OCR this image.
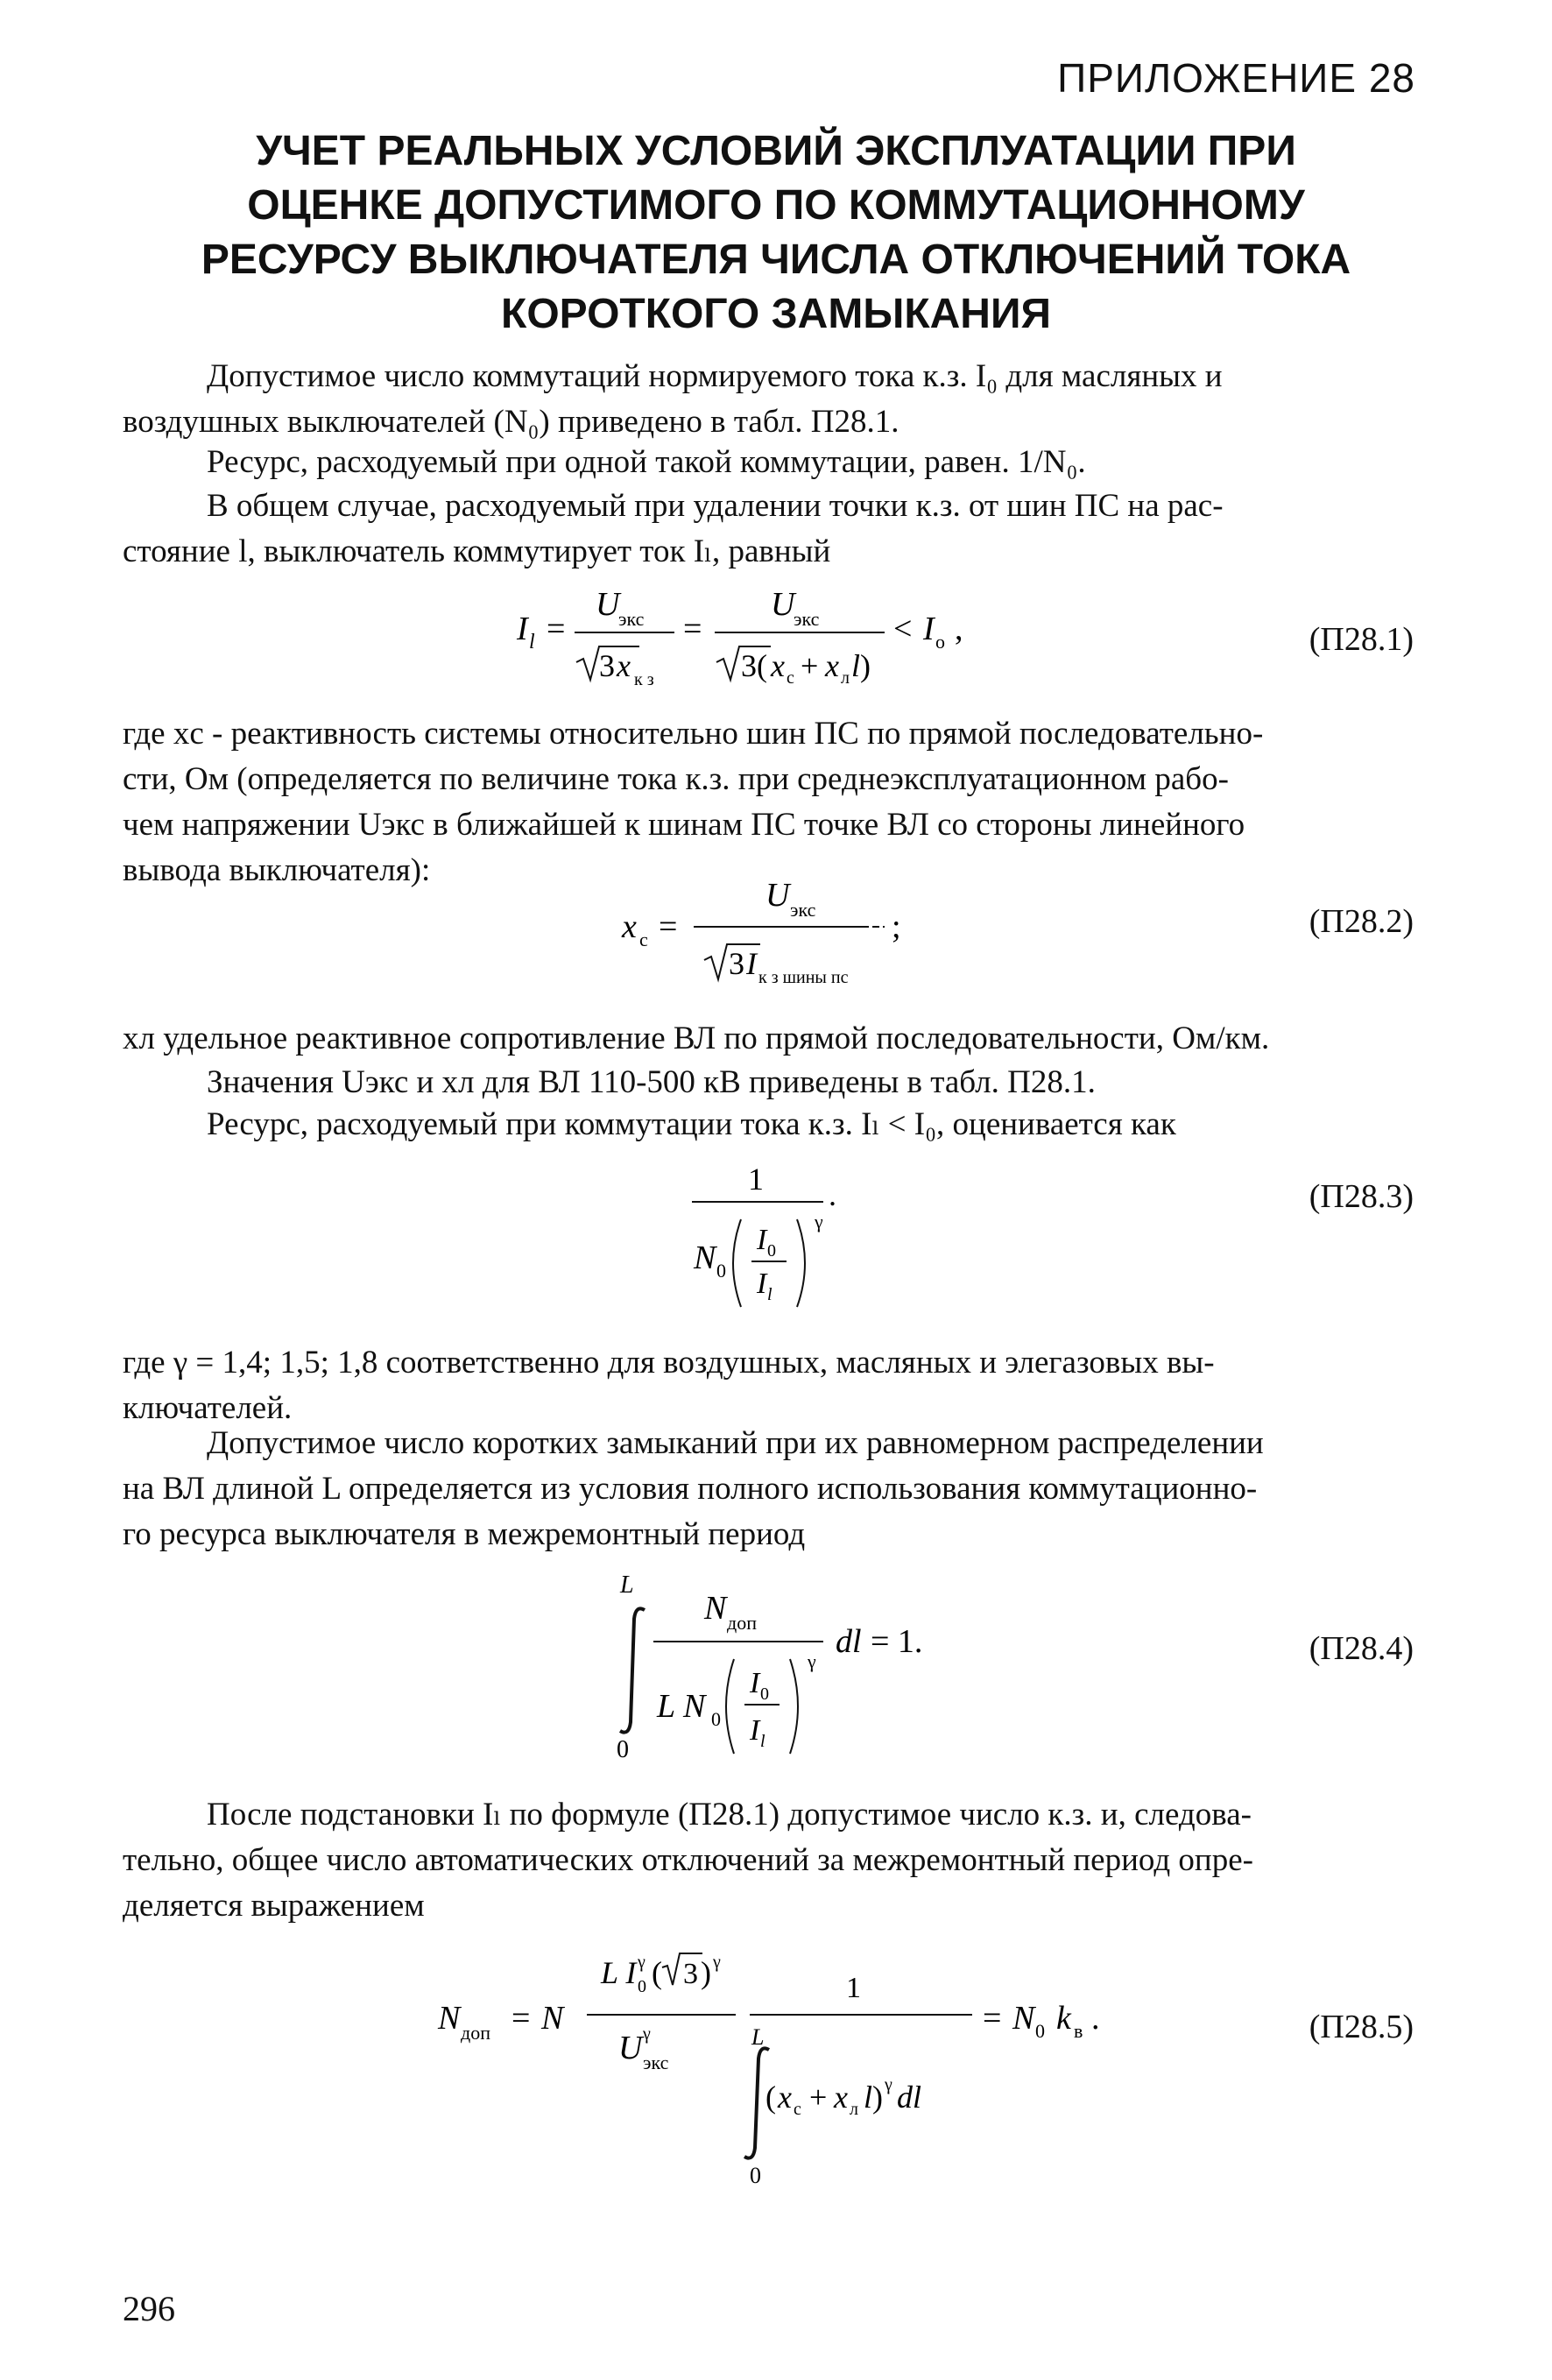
ПРИЛОЖЕНИЕ 28
УЧЕТ РЕАЛЬНЫХ УСЛОВИЙ ЭКСПЛУАТАЦИИ ПРИ
ОЦЕНКЕ ДОПУСТИМОГО ПО КОММУТАЦИОННОМУ
РЕСУРСУ ВЫКЛЮЧАТЕЛЯ ЧИСЛА ОТКЛЮЧЕНИЙ ТОКА
КОРОТКОГО ЗАМЫКАНИЯ
Допустимое число коммутаций нормируемого тока к.з. I₀ для масляных и
воздушных выключателей (N₀) приведено в табл. П28.1.
Ресурс, расходуемый при одной такой коммутации, равен. 1/N₀.
В общем случае, расходуемый при удалении точки к.з. от шин ПС на рас-
стояние l, выключатель коммутирует ток Iₗ, равный
I l =
U
экс
3 x к з
=
U
экс
3( x с + x л l )
< I о ,	(П28.1)
где xс - реактивность системы относительно шин ПС по прямой последовательно-
сти, Ом (определяется по величине тока к.з. при среднеэксплуатационном рабо-
чем напряжении Uэкс в ближайшей к шинам ПС точке ВЛ со стороны линейного
вывода выключателя):
x с =
U экс
3 I к з шины пс
;	(П28.2)
xл удельное реактивное сопротивление ВЛ по прямой последовательности, Ом/км.
Значения Uэкс и xл для ВЛ 110-500 кВ приведены в табл. П28.1.
Ресурс, расходуемый при коммутации тока к.з. Iₗ < I₀, оценивается как
1 .
N 0
I 0
I l
γ
(П28.3)
где γ = 1,4; 1,5; 1,8 соответственно для воздушных, масляных и элегазовых вы-
ключателей.
Допустимое число коротких замыканий при их равномерном распределении
на ВЛ длиной L определяется из условия полного использования коммутационно-
го ресурса выключателя в межремонтный период
L
0
N доп
L N 0
I 0
I l
γ
dl = 1.	(П28.4)
После подстановки Iₗ по формуле (П28.1) допустимое число к.з. и, следова-
тельно, общее число автоматических отключений за межремонтный период опре-
деляется выражением
N доп = N
L I γ
0 ( 3 ) γ
U γ
экс
1
L
0
( x с + x л l ) γ dl
= N 0 k в .	(П28.5)
296
